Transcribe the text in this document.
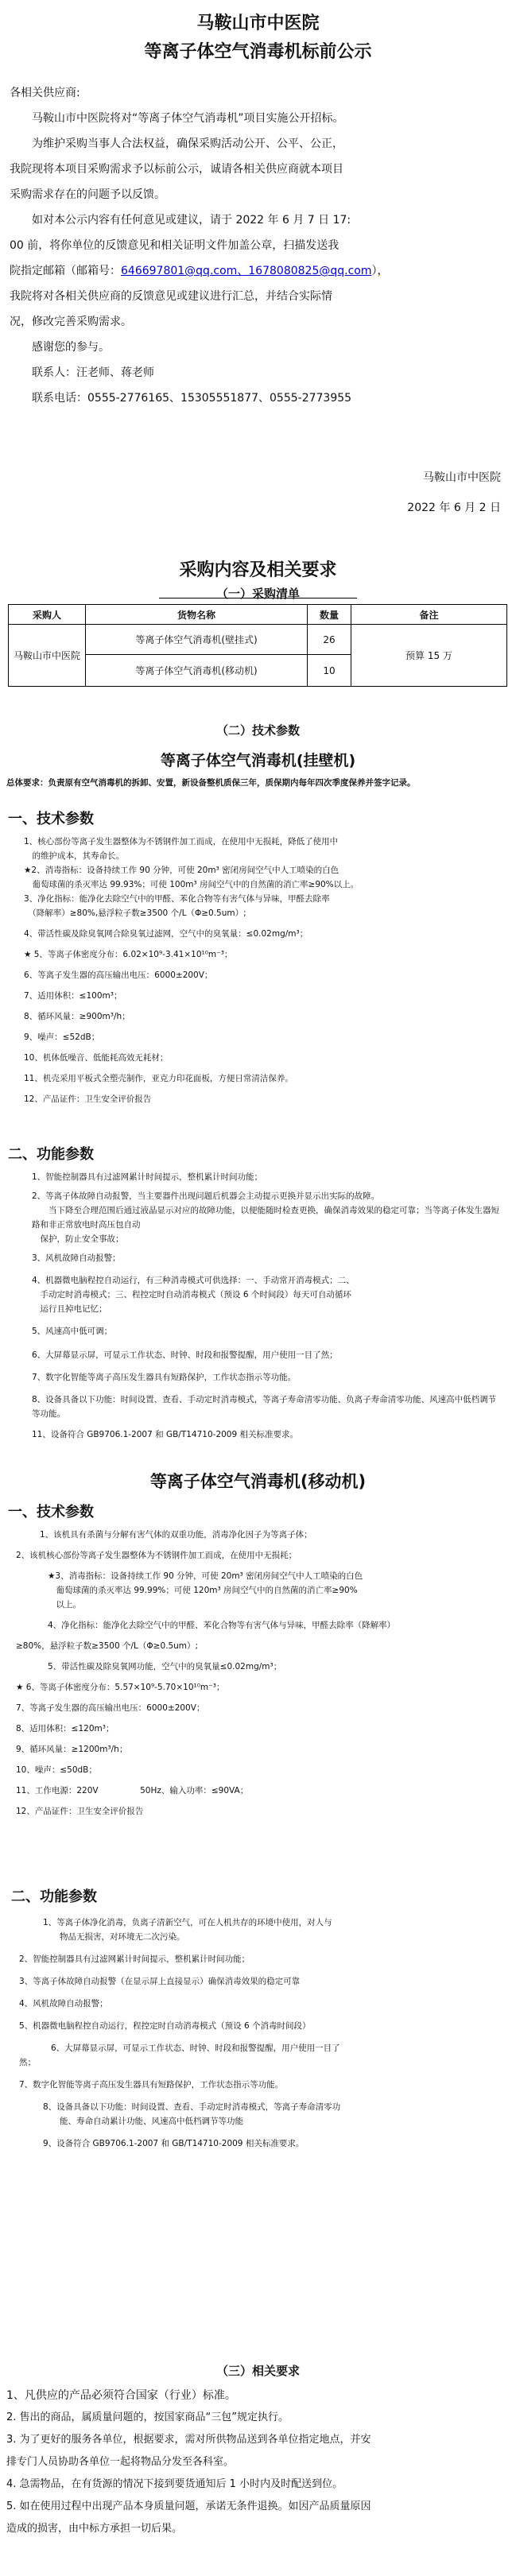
马鞍山市中医院
等离子体空气消毒机标前公示
各相关供应商:
马鞍山市中医院将对“等离子体空气消毒机”项目实施公开招标。
为维护采购当事人合法权益，确保采购活动公开、公平、公正，
我院现将本项目采购需求予以标前公示，诚请各相关供应商就本项目
采购需求存在的问题予以反馈。
如对本公示内容有任何意见或建议，请于 2022 年 6 月 7 日 17:
00 前，将你单位的反馈意见和相关证明文件加盖公章，扫描发送我
院指定邮箱（邮箱号：646697801@qq.com、1678080825@qq.com），
我院将对各相关供应商的反馈意见或建议进行汇总，并结合实际情
况，修改完善采购需求。
感谢您的参与。
联系人：汪老师、蒋老师
联系电话：0555-2776165、15305551877、0555-2773955
马鞍山市中医院
2022 年 6 月 2 日
采购内容及相关要求
（一）采购清单
采购人	货物名称	数量	备注
马鞍山市中医院	等离子体空气消毒机(壁挂式)	26	预算 15 万
	等离子体空气消毒机(移动机)	10	
（二）技术参数
等离子体空气消毒机(挂壁机)
总体要求：负责原有空气消毒机的拆卸、安置，新设备整机质保三年，质保期内每年四次季度保养并签字记录。
一、技术参数
1、核心部份等离子发生器整体为不锈钢件加工而成，在使用中无损耗，降低了使用中
　的维护成本，其寿命长。
★2、消毒指标：设备持续工作 90 分钟，可使 20m³ 密闭房间空气中人工喷染的白色
　葡萄球菌的杀灭率达 99.93%；可使 100m³ 房间空气中的自然菌的消亡率≥90%以上。
3、净化指标：能净化去除空气中的甲醛、苯化合物等有害气体与异味，甲醛去除率
　（降解率）≥80%,悬浮粒子数≥3500 个/L（Φ≥0.5um）;
4、带活性碳及除臭氧网合除臭氧过滤网，空气中的臭氧量：≤0.02mg/m³；
★ 5、等离子体密度分布：6.02×10⁹-3.41×10¹⁰m⁻³；
6、等离子发生器的高压输出电压：6000±200V；
7、适用体积：≤100m³；
8、循环风量：≥900m³/h；
9、噪声：≤52dB；
10、机体低噪音、低能耗高效无耗材；
11、机壳采用平板式全塑壳制作，亚克力印花面板，方便日常清洁保养。
12、产品证件：卫生安全评价报告
二、功能参数
1、智能控制器具有过滤网累计时间提示，整机累计时间功能；
2、等离子体故障自动报警，当主要器件出现问题后机器会主动提示更换并显示出实际的故障。
　　当下降至合理范围后通过液晶显示对应的故障功能，以便能随时检查更换，确保消毒效果的稳定可靠；当等离子体发生器短路和非正常放电时高压包自动
　保护，防止安全事故；
3、风机故障自动报警；
4、机器微电脑程控自动运行，有三种消毒模式可供选择：一、手动常开消毒模式；二、
　手动定时消毒模式；三、程控定时自动消毒模式（预设 6 个时间段）每天可自动循环
　运行且掉电记忆；
5、风速高中低可调；
6、大屏幕显示屏，可显示工作状态、时钟、时段和报警提醒，用户使用一目了然；
7、数字化智能等离子高压发生器具有短路保护，工作状态指示等功能。
8、设备具备以下功能：时间设置、查看、手动定时消毒模式，等离子寿命清零功能、负离子寿命清零功能、风速高中低档调节等功能。
11、设备符合 GB9706.1-2007 和 GB/T14710-2009 相关标准要求。
等离子体空气消毒机(移动机)
一、技术参数
1、该机具有杀菌与分解有害气体的双重功能，消毒净化因子为等离子体；
2、该机核心部份等离子发生器整体为不锈钢件加工而成，在使用中无损耗；
★3、消毒指标：设备持续工作 90 分钟，可使 20m³ 密闭房间空气中人工喷染的白色
　葡萄球菌的杀灭率达 99.99%；可使 120m³ 房间空气中的自然菌的消亡率≥90%
　以上。
4、净化指标：能净化去除空气中的甲醛、苯化合物等有害气体与异味，甲醛去除率（降解率）
≥80%，悬浮粒子数≥3500 个/L（Φ≥0.5um）;
5、带活性碳及除臭氧网功能，空气中的臭氧量≤0.02mg/m³；
★ 6、等离子体密度分布：5.57×10⁹-5.70×10¹⁰m⁻³；
7、等离子发生器的高压输出电压：6000±200V；
8、适用体积：≤120m³；
9、循环风量：≥1200m³/h；
10、噪声：≤50dB；
11、工作电源：220V　　　　　50Hz、输入功率：≤90VA；
12、产品证件：卫生安全评价报告
二、功能参数
1、等离子体净化消毒，负离子清新空气，可在人机共存的环境中使用，对人与
　　物品无损害，对环境无二次污染。
2、智能控制器具有过滤网累计时间提示，整机累计时间功能；
3、等离子体故障自动报警（在显示屏上直接显示）确保消毒效果的稳定可靠
4、风机故障自动报警；
5、机器微电脑程控自动运行，程控定时自动消毒模式（预设 6 个消毒时间段）
6、大屏幕显示屏，可显示工作状态、时钟、时段和报警提醒，用户使用一目了
然；
7、数字化智能等离子高压发生器具有短路保护，工作状态指示等功能。
8、设备具备以下功能：时间设置、查看、手动定时消毒模式，等离子寿命清零功
　　能、寿命自动累计功能、风速高中低档调节等功能
9、设备符合 GB9706.1-2007 和 GB/T14710-2009 相关标准要求。
（三）相关要求
1、凡供应的产品必须符合国家（行业）标准。
2. 售出的商品，属质量问题的，按国家商品“三包”规定执行。
3. 为了更好的服务各单位，根据要求，需对所供物品送到各单位指定地点，并安
排专门人员协助各单位一起将物品分发至各科室。
4. 急需物品，在有货源的情况下接到要货通知后 1 小时内及时配送到位。
5. 如在使用过程中出现产品本身质量问题，承诺无条件退换。如因产品质量原因
造成的损害，由中标方承担一切后果。
